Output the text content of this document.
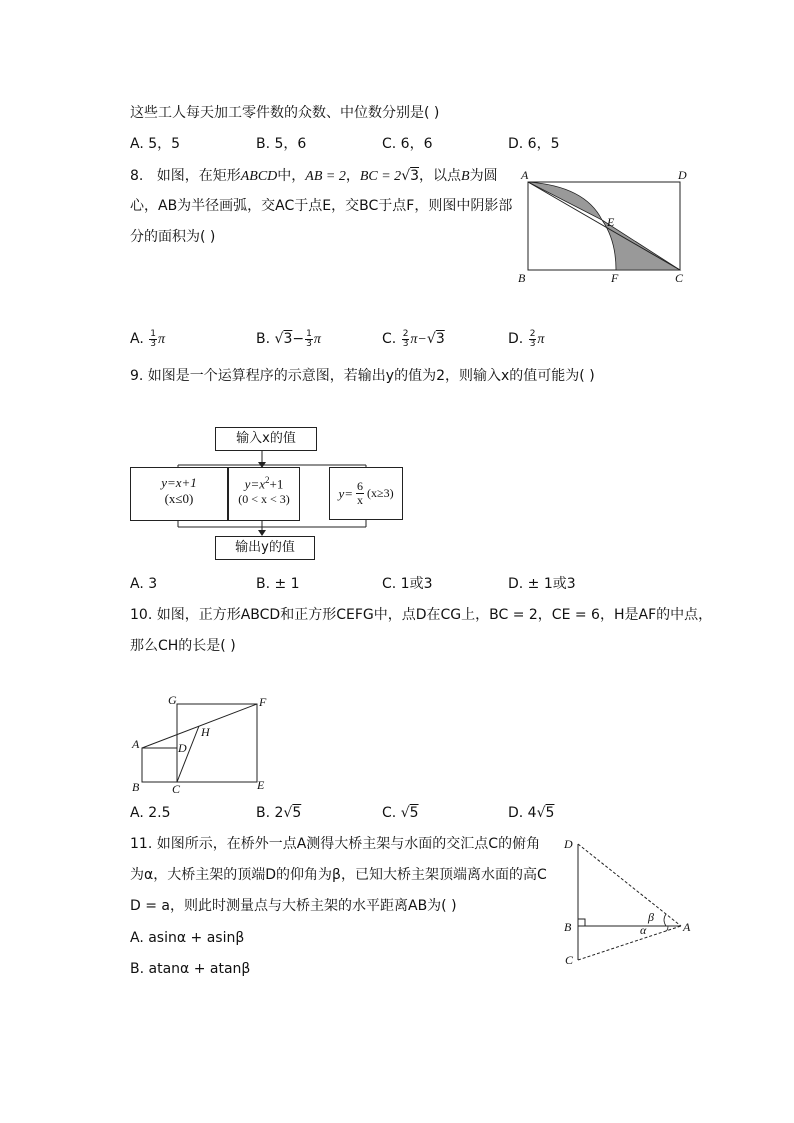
这些工人每天加工零件数的众数、中位数分别是( )
A. 5，5	B. 5，6	C. 6，6	D. 6，5
8. 如图，在矩形ABCD中，AB = 2，BC = 2√3，以点B为圆
心，AB为半径画弧，交AC于点E，交BC于点F，则图中阴影部
分的面积为( )
A	D
E
B	F	C
A. $\frac{1}{3}$ π	B. $√3- \frac{1}{3}$ π	C. $\frac{2}{3} \pi-√3$	D. $\frac{2}{3}$ π
9. 如图是一个运算程序的示意图，若输出y的值为2，则输入x的值可能为( )
输入x的值
y=x+1
(x≤0)
$y=x^2+1$
(0 < x < 3)	$y= \frac{6}{x} (x\ge 3)$
输出y的值
A. 3	B. ± 1	C. 1或3	D. ± 1或3
10. 如图，正方形ABCD和正方形CEFG中，点D在CG上，BC = 2，CE = 6，H是AF的中点，
那么CH的长是( )
G	F
H
A	D
B	C	E
A. 2.5	B. 2√5	C. √5	D. 4√5
11. 如图所示，在桥外一点A测得大桥主架与水面的交汇点C的俯角
为α，大桥主架的顶端D的仰角为β，已知大桥主架顶端离水面的高C
D = a，则此时测量点与大桥主架的水平距离AB为( )
D
B
C
A
β
α
A. asinα + asinβ
B. atanα + atanβ
